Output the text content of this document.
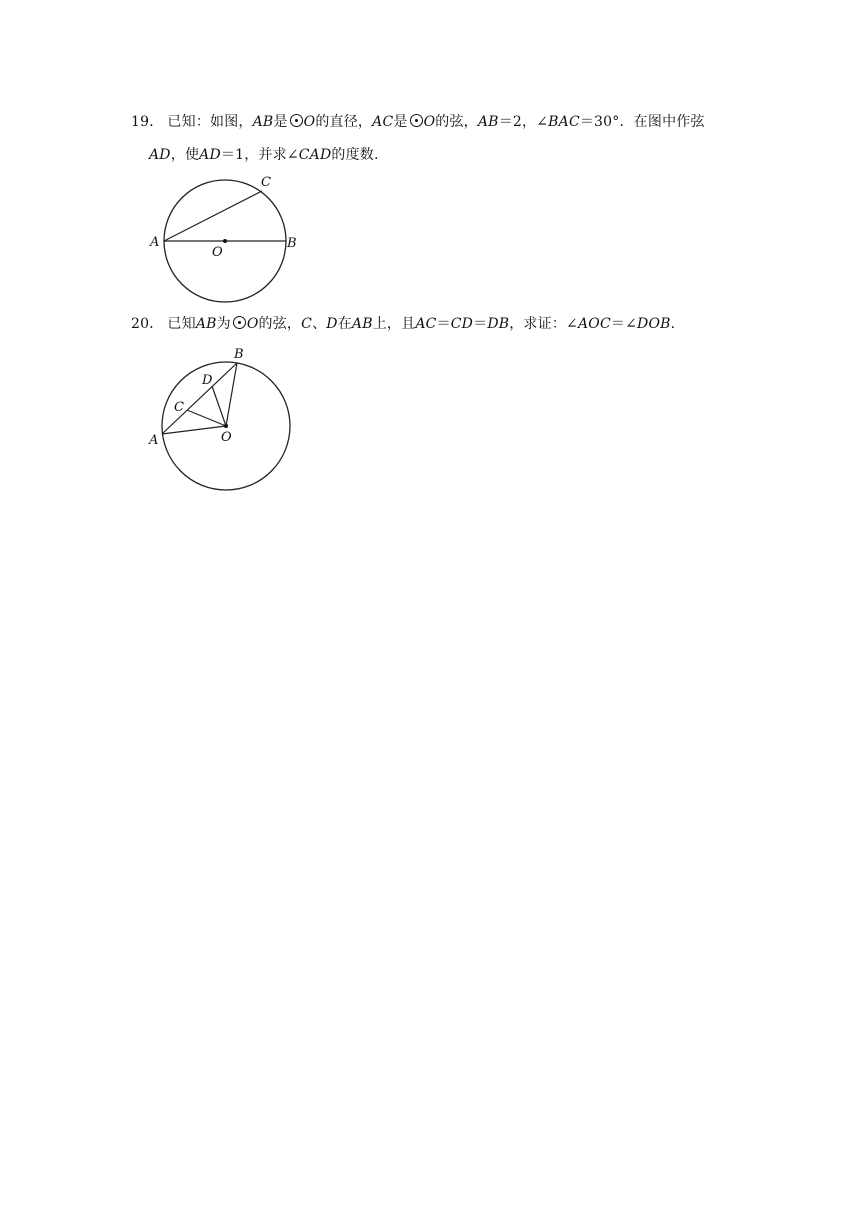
19． 已知：如图，AB是 O的直径，AC是 O的弦，AB＝2，∠BAC＝30°．在图中作弦
AD，使AD＝1，并求∠CAD的度数.
A	B
C
O
20． 已知AB为 O的弦，C、D在AB上，且AC＝CD＝DB，求证：∠AOC＝∠DOB.
A
B
C
D
O
